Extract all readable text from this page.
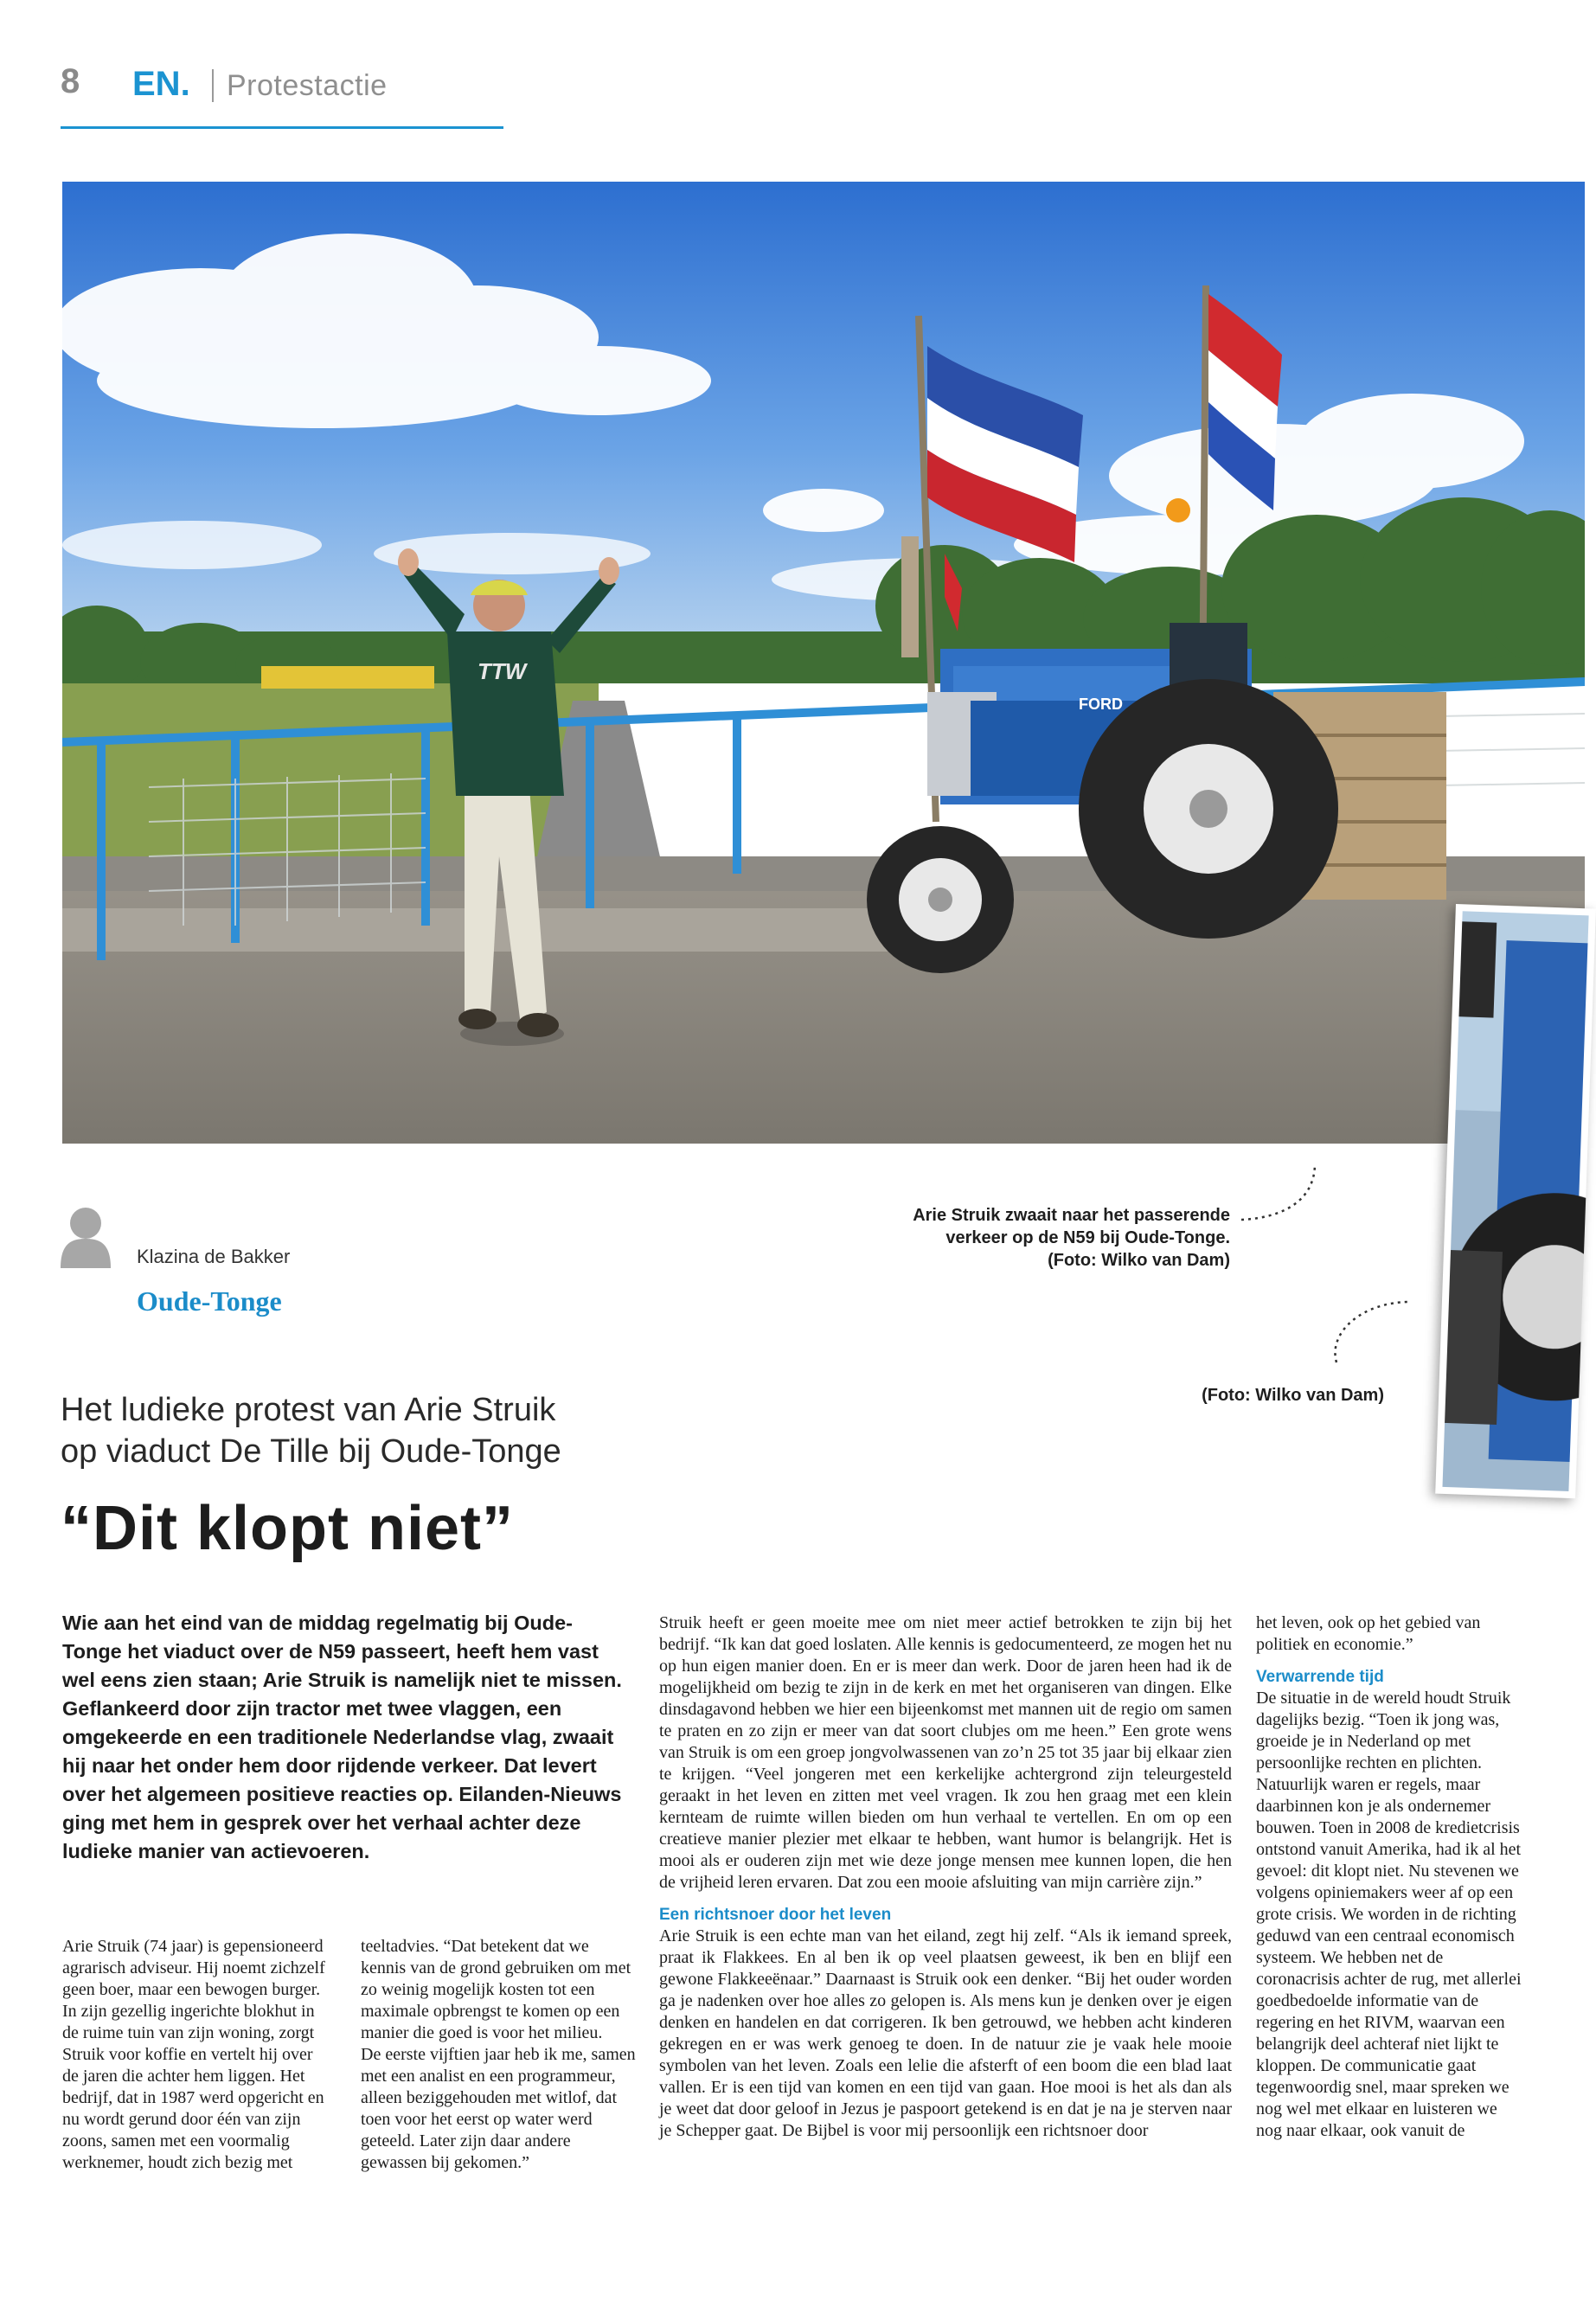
8 EN. Protestactie
FORD
TTW
Arie Struik zwaait naar het passerende
verkeer op de N59 bij Oude-Tonge.
(Foto: Wilko van Dam)
(Foto: Wilko van Dam)
Klazina de Bakker
Oude-Tonge
Het ludieke protest van Arie Struik
op viaduct De Tille bij Oude-Tonge
“Dit klopt niet”
Wie aan het eind van de middag regelmatig bij Oude-Tonge het viaduct over de N59 passeert, heeft hem vast wel eens zien staan; Arie Struik is namelijk niet te missen. Geflankeerd door zijn tractor met twee vlaggen, een omgekeerde en een traditionele Nederlandse vlag, zwaait hij naar het onder hem door rijdende verkeer. Dat levert over het algemeen positieve reacties op. Eilanden-Nieuws ging met hem in gesprek over het verhaal achter deze ludieke manier van actievoeren.

Arie Struik (74 jaar) is gepensioneerd agrarisch adviseur. Hij noemt zichzelf geen boer, maar een bewogen burger. In zijn gezellig ingerichte blokhut in de ruime tuin van zijn woning, zorgt Struik voor koffie en vertelt hij over de jaren die achter hem liggen. Het bedrijf, dat in 1987 werd opgericht en nu wordt gerund door één van zijn zoons, samen met een voormalig werknemer, houdt zich bezig met

teeltadvies. “Dat betekent dat we kennis van de grond gebruiken om met zo weinig mogelijk kosten tot een maximale opbrengst te komen op een manier die goed is voor het milieu.
De eerste vijftien jaar heb ik me, samen met een analist en een programmeur, alleen beziggehouden met witlof, dat toen voor het eerst op water werd geteeld. Later zijn daar andere gewassen bij gekomen.”

Struik heeft er geen moeite mee om niet meer actief betrokken te zijn bij het bedrijf. “Ik kan dat goed loslaten. Alle kennis is gedocumenteerd, ze mogen het nu op hun eigen manier doen. En er is meer dan werk. Door de jaren heen had ik de mogelijkheid om bezig te zijn in de kerk en met het organiseren van dingen. Elke dinsdagavond hebben we hier een bijeenkomst met mannen uit de regio om samen te praten en zo zijn er meer van dat soort clubjes om me heen.” Een grote wens van Struik is om een groep jongvolwassenen van zo’n 25 tot 35 jaar bij elkaar zien te krijgen. “Veel jongeren met een kerkelijke achtergrond zijn teleurgesteld geraakt in het leven en zitten met veel vragen. Ik zou hen graag met een klein kernteam de ruimte willen bieden om hun verhaal te vertellen. En om op een creatieve manier plezier met elkaar te hebben, want humor is belangrijk. Het is mooi als er ouderen zijn met wie deze jonge mensen mee kunnen lopen, die hen de vrijheid leren ervaren. Dat zou een mooie afsluiting van mijn carrière zijn.”

Een richtsnoer door het leven

Arie Struik is een echte man van het eiland, zegt hij zelf. “Als ik iemand spreek, praat ik Flakkees. En al ben ik op veel plaatsen geweest, ik ben en blijf een gewone Flakkeeënaar.” Daarnaast is Struik ook een denker. “Bij het ouder worden ga je nadenken over hoe alles zo gelopen is. Als mens kun je denken over je eigen denken en handelen en dat corrigeren. Ik ben getrouwd, we hebben acht kinderen gekregen en er was werk genoeg te doen. In de natuur zie je vaak hele mooie symbolen van het leven. Zoals een lelie die afsterft of een boom die een blad laat vallen. Er is een tijd van komen en een tijd van gaan. Hoe mooi is het als dan als je weet dat door geloof in Jezus je paspoort getekend is en dat je na je sterven naar je Schepper gaat. De Bijbel is voor mij persoonlijk een richtsnoer door

het leven, ook op het gebied van politiek en economie.”

Verwarrende tijd

De situatie in de wereld houdt Struik dagelijks bezig. “Toen ik jong was, groeide je in Nederland op met persoonlijke rechten en plichten. Natuurlijk waren er regels, maar daarbinnen kon je als ondernemer bouwen. Toen in 2008 de kredietcrisis ontstond vanuit Amerika, had ik al het gevoel: dit klopt niet. Nu stevenen we volgens opiniemakers weer af op een grote crisis. We worden in de richting geduwd van een centraal economisch systeem. We hebben net de coronacrisis achter de rug, met allerlei goedbedoelde informatie van de regering en het RIVM, waarvan een belangrijk deel achteraf niet lijkt te kloppen. De communicatie gaat tegenwoordig snel, maar spreken we nog wel met elkaar en luisteren we nog naar elkaar, ook vanuit de
